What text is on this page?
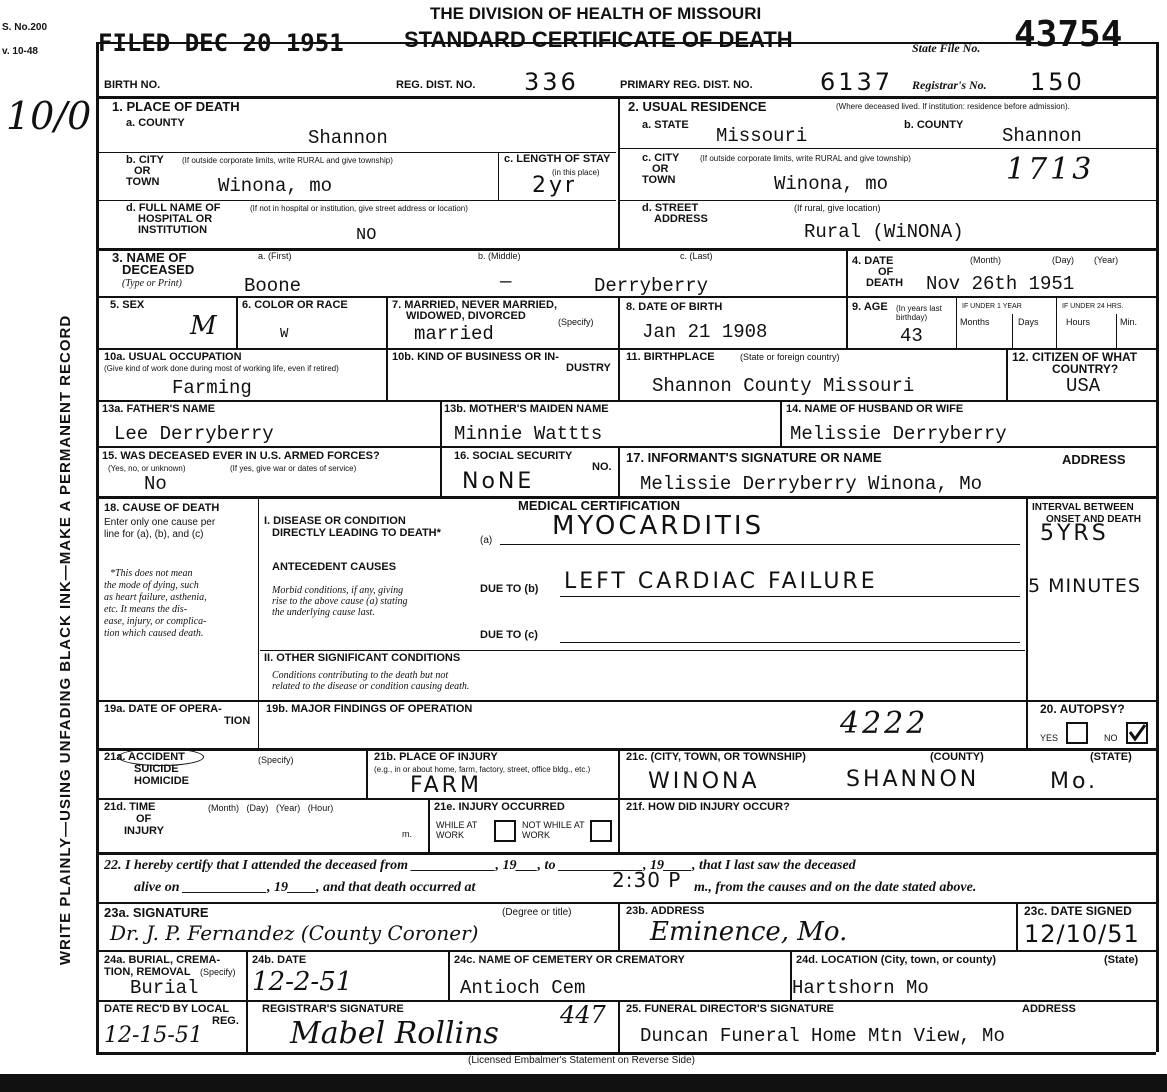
S. No.200
v. 10-48
10/0
WRITE PLAINLY—USING UNFADING BLACK INK—MAKE A PERMANENT RECORD
FILED DEC 20 1951
THE DIVISION OF HEALTH OF MISSOURI
STANDARD CERTIFICATE OF DEATH	State File No. 43754
BIRTH NO.	REG. DIST. NO. 336	PRIMARY REG. DIST. NO.	6137 Registrar's No. 150
1. PLACE OF DEATH
a. COUNTY
Shannon
b. CITY (If outside corporate limits, write RURAL and give township)
OR
TOWN	Winona, mo
c. LENGTH OF STAY
(in this place)
2yr
d. FULL NAME OF
HOSPITAL OR
INSTITUTION
(If not in hospital or institution, give street address or location)
NO
2. USUAL RESIDENCE	(Where deceased lived. If institution: residence before admission).
a. STATE Missouri	b. COUNTY Shannon
c. CITY	(If outside corporate limits, write RURAL and give township)
OR
TOWN	Winona, mo	1713
d. STREET
ADDRESS
(If rural, give location)
Rural (WiNONA)
3. NAME OF
DECEASED
(Type or Print)
a. (First)	b. (Middle)	c. (Last)
Boone	—	Derryberry
4. DATE
OF
DEATH
(Month)	(Day) (Year)
Nov 26th 1951
5. SEX
M
6. COLOR OR RACE
W
7. MARRIED, NEVER MARRIED,
WIDOWED, DIVORCED	(Specify)
married
8. DATE OF BIRTH
Jan 21 1908
9. AGE (In years last birthday)
43
IF UNDER 1 YEAR
Months	Days
IF UNDER 24 HRS.
Hours	Min.
10a. USUAL OCCUPATION
(Give kind of work done during most of working life, even if retired)
Farming
10b. KIND OF BUSINESS OR IN-
DUSTRY
11. BIRTHPLACE	(State or foreign country)
Shannon County Missouri
12. CITIZEN OF WHAT
COUNTRY?
USA
13a. FATHER'S NAME
Lee Derryberry
13b. MOTHER'S MAIDEN NAME
Minnie Wattts
14. NAME OF HUSBAND OR WIFE
Melissie Derryberry
15. WAS DECEASED EVER IN U.S. ARMED FORCES?
(Yes, no, or unknown)	(If yes, give war or dates of service)
No
16. SOCIAL SECURITY
NO.
NoNE
17. INFORMANT'S SIGNATURE OR NAME	ADDRESS
Melissie Derryberry Winona, Mo
MEDICAL CERTIFICATION
18. CAUSE OF DEATH
Enter only one cause per
line for (a), (b), and (c)
*This does not mean
the mode of dying, such
as heart failure, asthenia,
etc. It means the dis-
ease, injury, or complica-
tion which caused death.
I. DISEASE OR CONDITION
DIRECTLY LEADING TO DEATH*
(a) MYOCARDITIS
ANTECEDENT CAUSES
Morbid conditions, if any, giving
rise to the above cause (a) stating
the underlying cause last.
DUE TO (b) LEFT CARDIAC FAILURE
DUE TO (c)
II. OTHER SIGNIFICANT CONDITIONS
Conditions contributing to the death but not
related to the disease or condition causing death.
INTERVAL BETWEEN
ONSET AND DEATH
5YRS
5 MINUTES
19a. DATE OF OPERA-
TION
19b. MAJOR FINDINGS OF OPERATION	4222	20. AUTOPSY?
YES	NO
21a. ACCIDENT
SUICIDE
HOMICIDE
(Specify)	21b. PLACE OF INJURY
(e.g., in or about home, farm, factory, street, office bldg., etc.)
FARM
21c. (CITY, TOWN, OR TOWNSHIP)	(COUNTY)	(STATE)
WINONA	SHANNON	Mo.
21d. TIME
OF
INJURY
(Month)   (Day)   (Year)   (Hour)
m.
21e. INJURY OCCURRED
WHILE AT WORK
NOT WHILE AT WORK
21f. HOW DID INJURY OCCUR?
22. I hereby certify that I attended the deceased from ____________, 19___, to ____________, 19____, that I last saw the deceased
alive on ____________, 19____, and that death occurred at	2:30 P m., from the causes and on the date stated above.
23a. SIGNATURE	(Degree or title)
Dr. J. P. Fernandez (County Coroner)
23b. ADDRESS
Eminence, Mo.
23c. DATE SIGNED
12/10/51
24a. BURIAL, CREMA-
TION, REMOVAL (Specify)
Burial
24b. DATE
12-2-51
24c. NAME OF CEMETERY OR CREMATORY
Antioch Cem
24d. LOCATION (City, town, or county)	(State)
Hartshorn Mo
DATE REC'D BY LOCAL
REG.
12-15-51
REGISTRAR'S SIGNATURE
Mabel Rollins
447 25. FUNERAL DIRECTOR'S SIGNATURE	ADDRESS
Duncan Funeral Home Mtn View, Mo
(Licensed Embalmer's Statement on Reverse Side)
